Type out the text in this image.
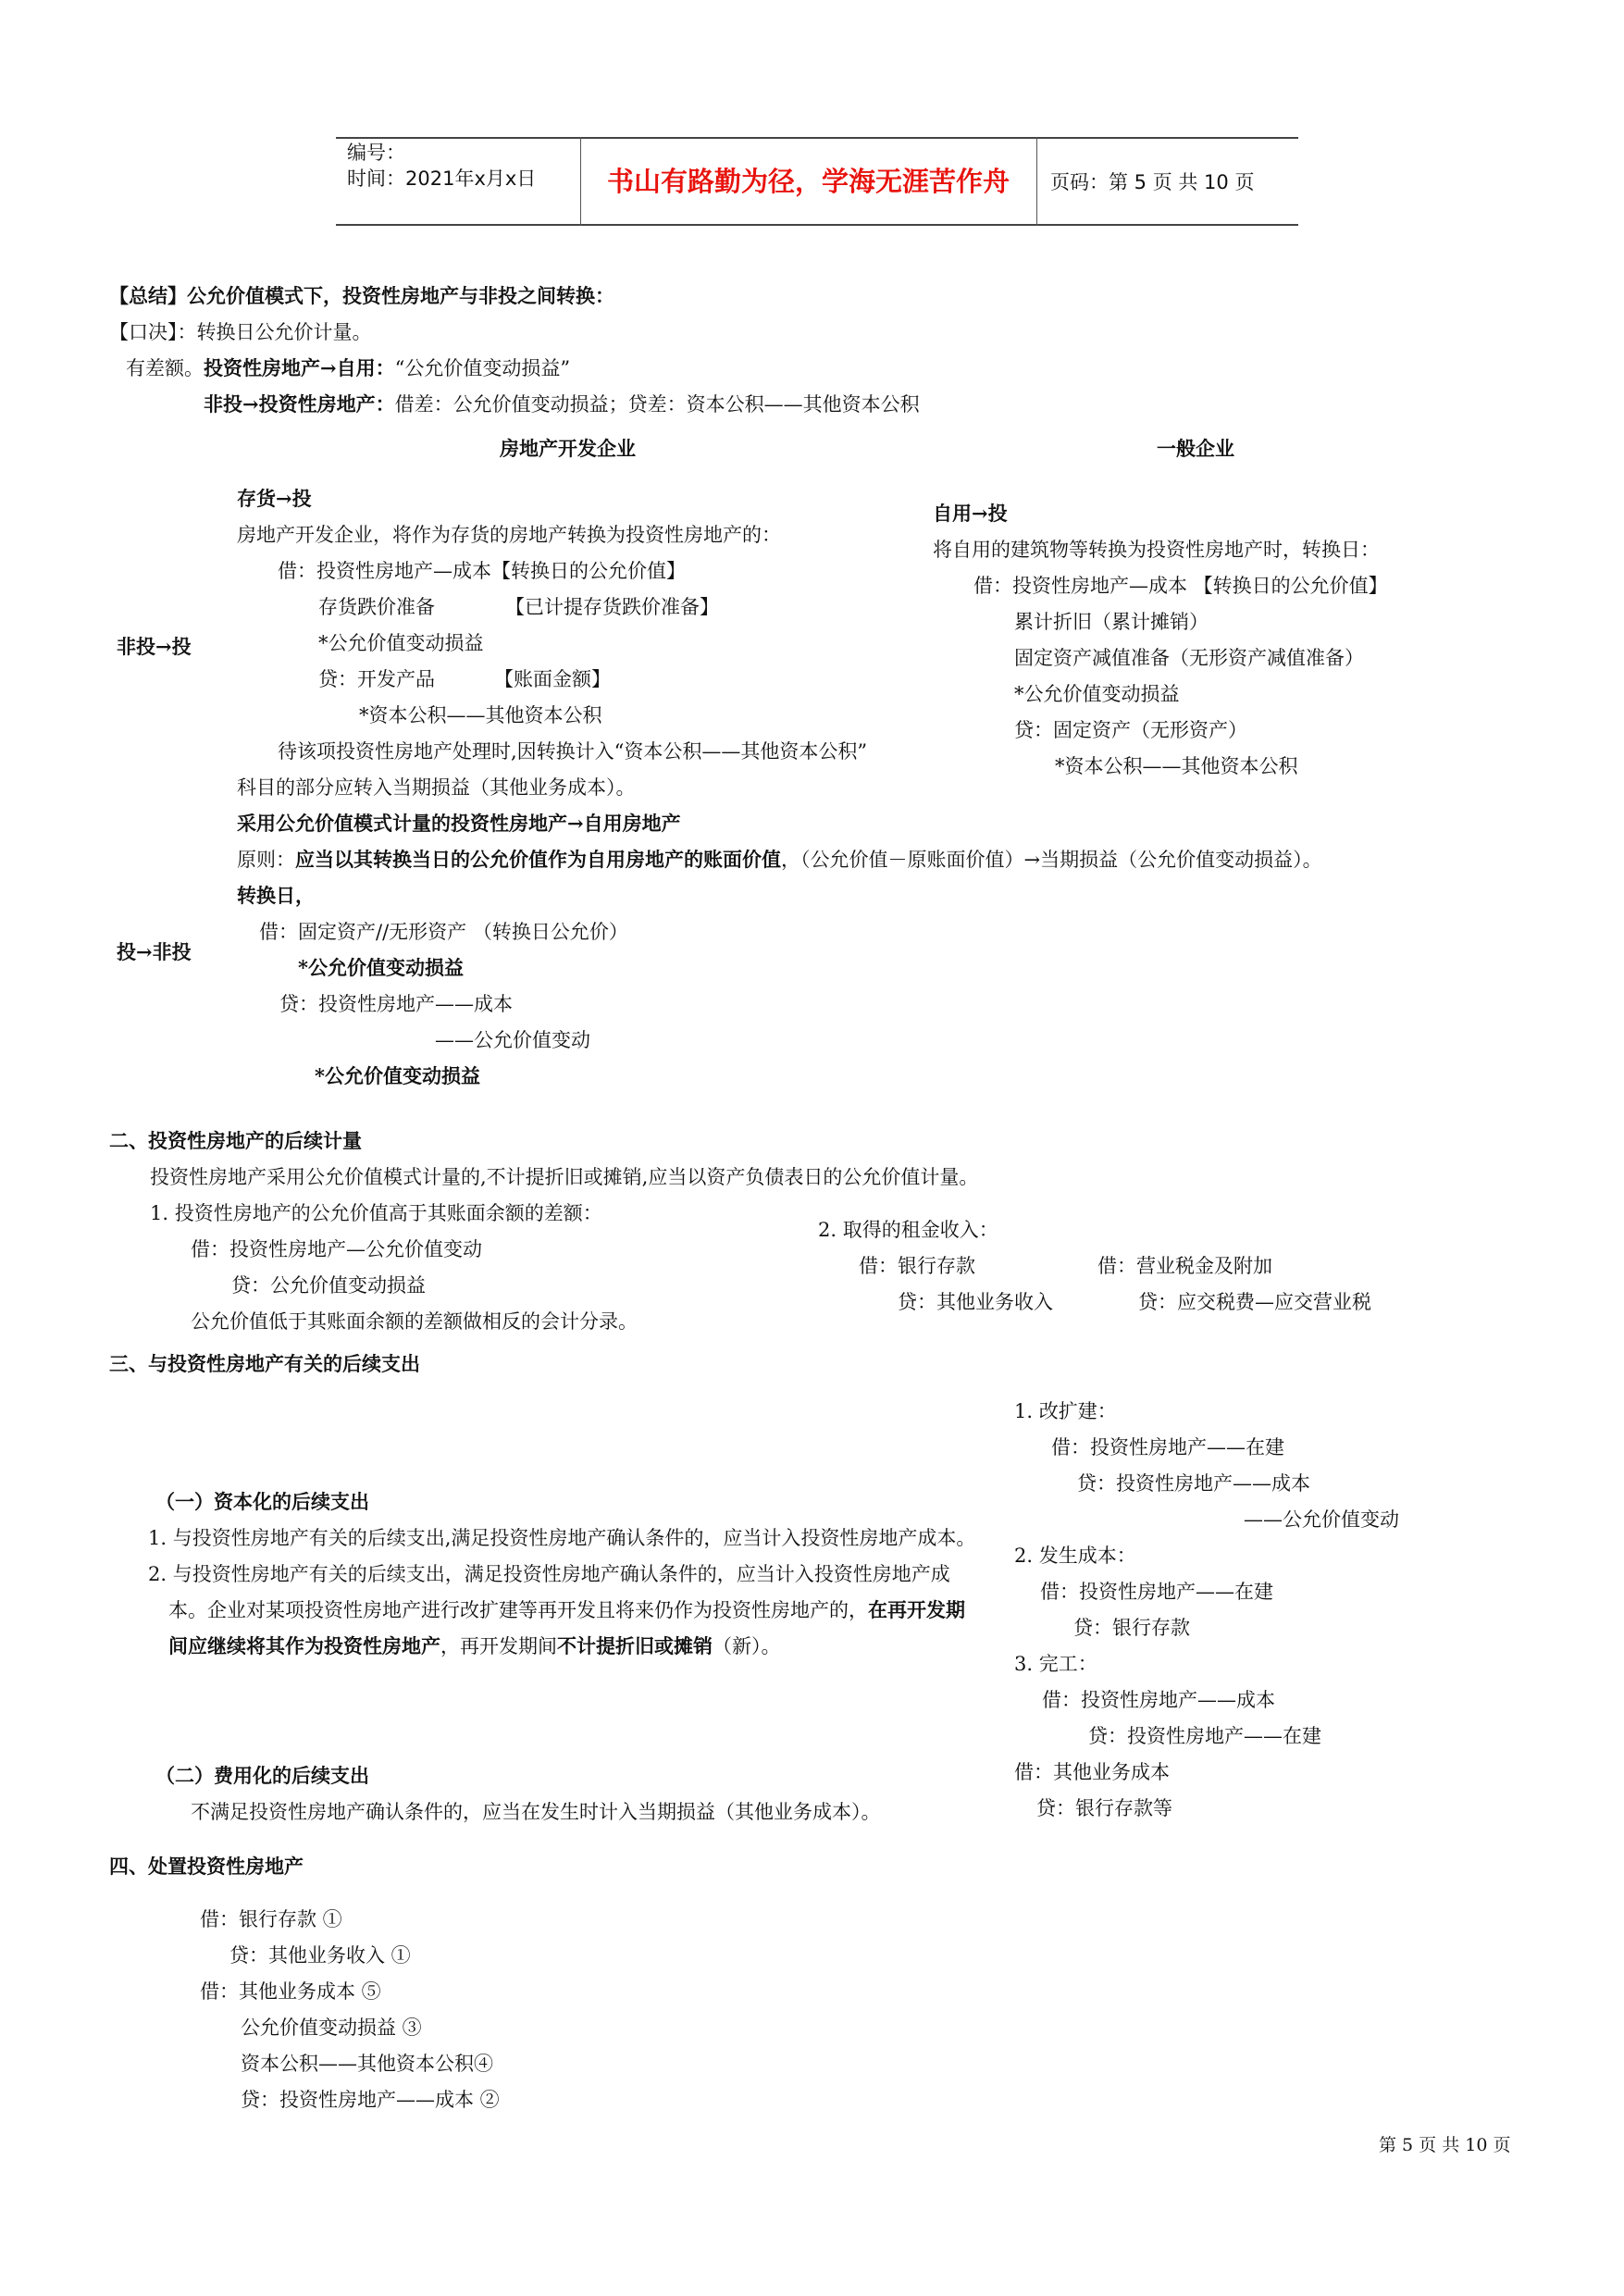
编号：
时间：2021年x月x日	书山有路勤为径，学海无涯苦作舟	页码：第 5 页 共 10 页
【总结】公允价值模式下，投资性房地产与非投之间转换：
【口决】：转换日公允价计量。
有差额。投资性房地产→自用：“公允价值变动损益”
非投→投资性房地产：借差：公允价值变动损益；贷差：资本公积——其他资本公积
房地产开发企业	一般企业
非投→投
存货→投
房地产开发企业，将作为存货的房地产转换为投资性房地产的：
借：投资性房地产—成本【转换日的公允价值】
存货跌价准备	【已计提存货跌价准备】
*公允价值变动损益
贷：开发产品	【账面金额】
*资本公积——其他资本公积
待该项投资性房地产处理时,因转换计入“资本公积——其他资本公积”
科目的部分应转入当期损益（其他业务成本）。
自用→投
将自用的建筑物等转换为投资性房地产时，转换日：
借：投资性房地产—成本 【转换日的公允价值】
累计折旧（累计摊销）
固定资产减值准备（无形资产减值准备）
*公允价值变动损益
贷：固定资产（无形资产）
*资本公积——其他资本公积
投→非投
采用公允价值模式计量的投资性房地产→自用房地产
原则：应当以其转换当日的公允价值作为自用房地产的账面价值，（公允价值－原账面价值）→当期损益（公允价值变动损益）。
转换日，
借：固定资产//无形资产 （转换日公允价）
*公允价值变动损益
贷：投资性房地产——成本
——公允价值变动
*公允价值变动损益
二、投资性房地产的后续计量
投资性房地产采用公允价值模式计量的,不计提折旧或摊销,应当以资产负债表日的公允价值计量。
1. 投资性房地产的公允价值高于其账面余额的差额：
借：投资性房地产—公允价值变动
贷：公允价值变动损益
公允价值低于其账面余额的差额做相反的会计分录。
2. 取得的租金收入：
借：银行存款	借：营业税金及附加
贷：其他业务收入	贷：应交税费—应交营业税
三、与投资性房地产有关的后续支出
（一）资本化的后续支出
1. 与投资性房地产有关的后续支出,满足投资性房地产确认条件的，应当计入投资性房地产成本。
2. 与投资性房地产有关的后续支出，满足投资性房地产确认条件的，应当计入投资性房地产成
本。企业对某项投资性房地产进行改扩建等再开发且将来仍作为投资性房地产的，在再开发期
间应继续将其作为投资性房地产，再开发期间不计提折旧或摊销（新）。
（二）费用化的后续支出
不满足投资性房地产确认条件的，应当在发生时计入当期损益（其他业务成本）。
1. 改扩建：
借：投资性房地产——在建
贷：投资性房地产——成本
——公允价值变动
2. 发生成本：
借：投资性房地产——在建
贷：银行存款
3. 完工：
借：投资性房地产——成本
贷：投资性房地产——在建
借：其他业务成本
贷：银行存款等
四、处置投资性房地产
借：银行存款 ①
贷：其他业务收入 ①
借：其他业务成本 ⑤
公允价值变动损益 ③
资本公积——其他资本公积④
贷：投资性房地产——成本 ②
第 5 页 共 10 页
